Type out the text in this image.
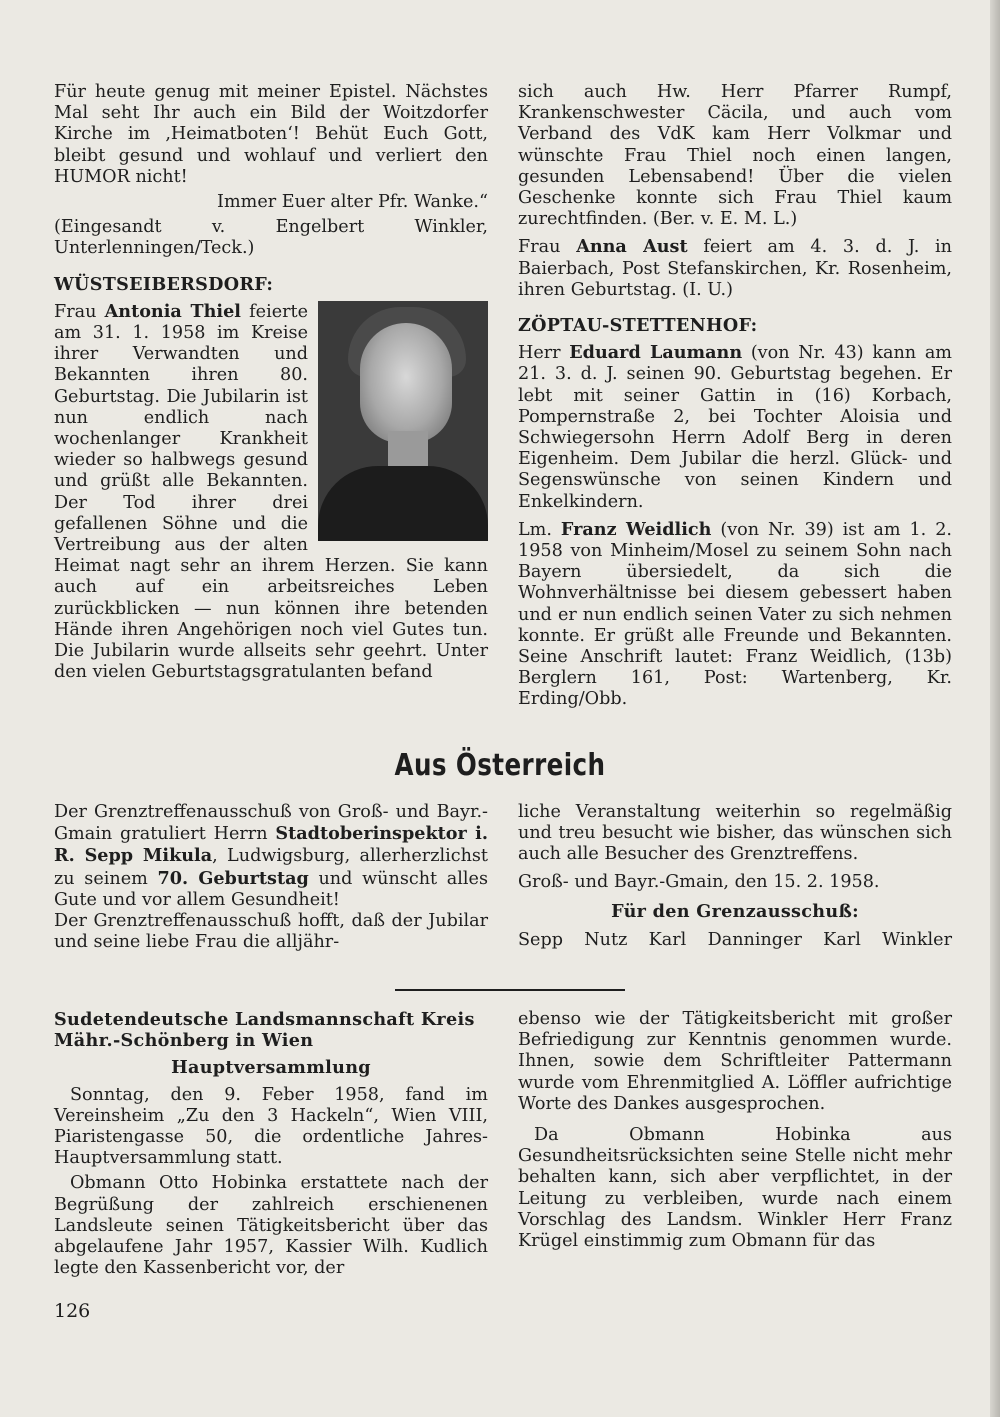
Für heute genug mit meiner Epistel. Nächstes Mal seht Ihr auch ein Bild der Woitzdorfer Kirche im ‚Heimatboten‘! Behüt Euch Gott, bleibt gesund und wohlauf und verliert den HUMOR nicht!

Immer Euer alter Pfr. Wanke.“

(Eingesandt v. Engelbert Winkler, Unterlenningen/Teck.)

WÜSTSEIBERSDORF:

Frau Antonia Thiel feierte am 31. 1. 1958 im Kreise ihrer Verwandten und Bekannten ihren 80. Geburtstag. Die Jubilarin ist nun endlich nach wochenlanger Krankheit wieder so halbwegs gesund und grüßt alle Bekannten. Der Tod ihrer drei gefallenen Söhne und die Vertreibung aus der alten Heimat nagt sehr an ihrem Herzen. Sie kann auch auf ein arbeitsreiches Leben zurückblicken — nun können ihre betenden Hände ihren Angehörigen noch viel Gutes tun. Die Jubilarin wurde allseits sehr geehrt. Unter den vielen Geburtstagsgratulanten befand

sich auch Hw. Herr Pfarrer Rumpf, Krankenschwester Cäcila, und auch vom Verband des VdK kam Herr Volkmar und wünschte Frau Thiel noch einen langen, gesunden Lebensabend! Über die vielen Geschenke konnte sich Frau Thiel kaum zurechtfinden. (Ber. v. E. M. L.)

Frau Anna Aust feiert am 4. 3. d. J. in Baierbach, Post Stefanskirchen, Kr. Rosenheim, ihren Geburtstag. (I. U.)

ZÖPTAU-STETTENHOF:

Herr Eduard Laumann (von Nr. 43) kann am 21. 3. d. J. seinen 90. Geburtstag begehen. Er lebt mit seiner Gattin in (16) Korbach, Pompernstraße 2, bei Tochter Aloisia und Schwiegersohn Herrn Adolf Berg in deren Eigenheim. Dem Jubilar die herzl. Glück- und Segenswünsche von seinen Kindern und Enkelkindern.

Lm. Franz Weidlich (von Nr. 39) ist am 1. 2. 1958 von Minheim/Mosel zu seinem Sohn nach Bayern übersiedelt, da sich die Wohnverhältnisse bei diesem gebessert haben und er nun endlich seinen Vater zu sich nehmen konnte. Er grüßt alle Freunde und Bekannten. Seine Anschrift lautet: Franz Weidlich, (13b) Berglern 161, Post: Wartenberg, Kr. Erding/Obb.

Aus Österreich

Der Grenztreffenausschuß von Groß- und Bayr.-Gmain gratuliert Herrn Stadtoberinspektor i. R. Sepp Mikula, Ludwigsburg, allerherzlichst zu seinem 70. Geburtstag und wünscht alles Gute und vor allem Gesundheit!

Der Grenztreffenausschuß hofft, daß der Jubilar und seine liebe Frau die alljähr-

liche Veranstaltung weiterhin so regelmäßig und treu besucht wie bisher, das wünschen sich auch alle Besucher des Grenztreffens.

Groß- und Bayr.-Gmain, den 15. 2. 1958.

Für den Grenzausschuß:

Sepp Nutz Karl Danninger Karl Winkler

Sudetendeutsche Landsmannschaft Kreis Mähr.-Schönberg in Wien

Hauptversammlung

Sonntag, den 9. Feber 1958, fand im Vereinsheim „Zu den 3 Hackeln“, Wien VIII, Piaristengasse 50, die ordentliche Jahres-Hauptversammlung statt.

Obmann Otto Hobinka erstattete nach der Begrüßung der zahlreich erschienenen Landsleute seinen Tätigkeitsbericht über das abgelaufene Jahr 1957, Kassier Wilh. Kudlich legte den Kassenbericht vor, der

ebenso wie der Tätigkeitsbericht mit großer Befriedigung zur Kenntnis genommen wurde. Ihnen, sowie dem Schriftleiter Pattermann wurde vom Ehrenmitglied A. Löffler aufrichtige Worte des Dankes ausgesprochen.

Da Obmann Hobinka aus Gesundheitsrücksichten seine Stelle nicht mehr behalten kann, sich aber verpflichtet, in der Leitung zu verbleiben, wurde nach einem Vorschlag des Landsm. Winkler Herr Franz Krügel einstimmig zum Obmann für das

126
